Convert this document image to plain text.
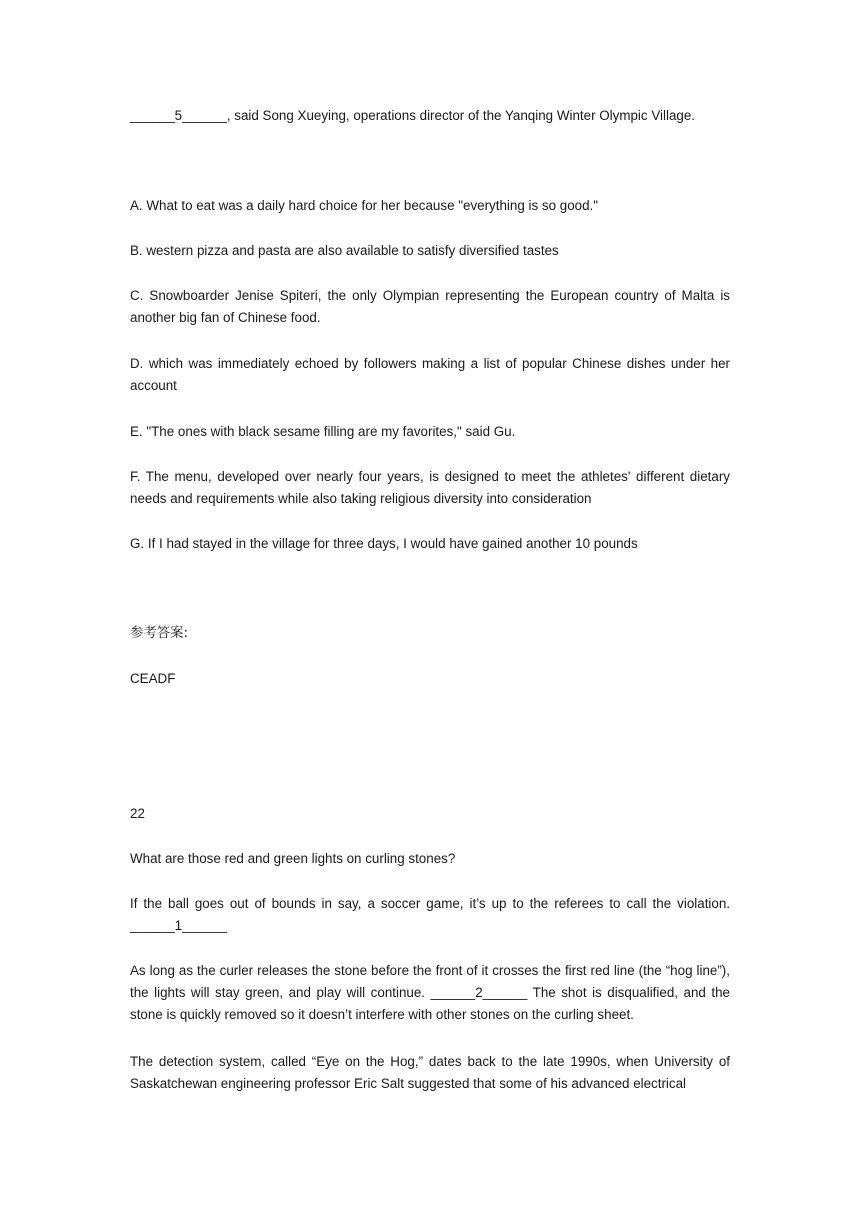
______5______, said Song Xueying, operations director of the Yanqing Winter Olympic Village.

A. What to eat was a daily hard choice for her because "everything is so good."

B. western pizza and pasta are also available to satisfy diversified tastes

C. Snowboarder Jenise Spiteri, the only Olympian representing the European country of Malta is another big fan of Chinese food.

D. which was immediately echoed by followers making a list of popular Chinese dishes under her account

E. "The ones with black sesame filling are my favorites," said Gu.

F. The menu, developed over nearly four years, is designed to meet the athletes' different dietary needs and requirements while also taking religious diversity into consideration

G. If I had stayed in the village for three days, I would have gained another 10 pounds

参考答案:

CEADF

22

What are those red and green lights on curling stones?

If the ball goes out of bounds in say, a soccer game, it’s up to the referees to call the violation. ______1______

As long as the curler releases the stone before the front of it crosses the first red line (the “hog line”), the lights will stay green, and play will continue. ______2______ The shot is disqualified, and the stone is quickly removed so it doesn’t interfere with other stones on the curling sheet.

The detection system, called “Eye on the Hog,” dates back to the late 1990s, when University of Saskatchewan engineering professor Eric Salt suggested that some of his advanced electrical
